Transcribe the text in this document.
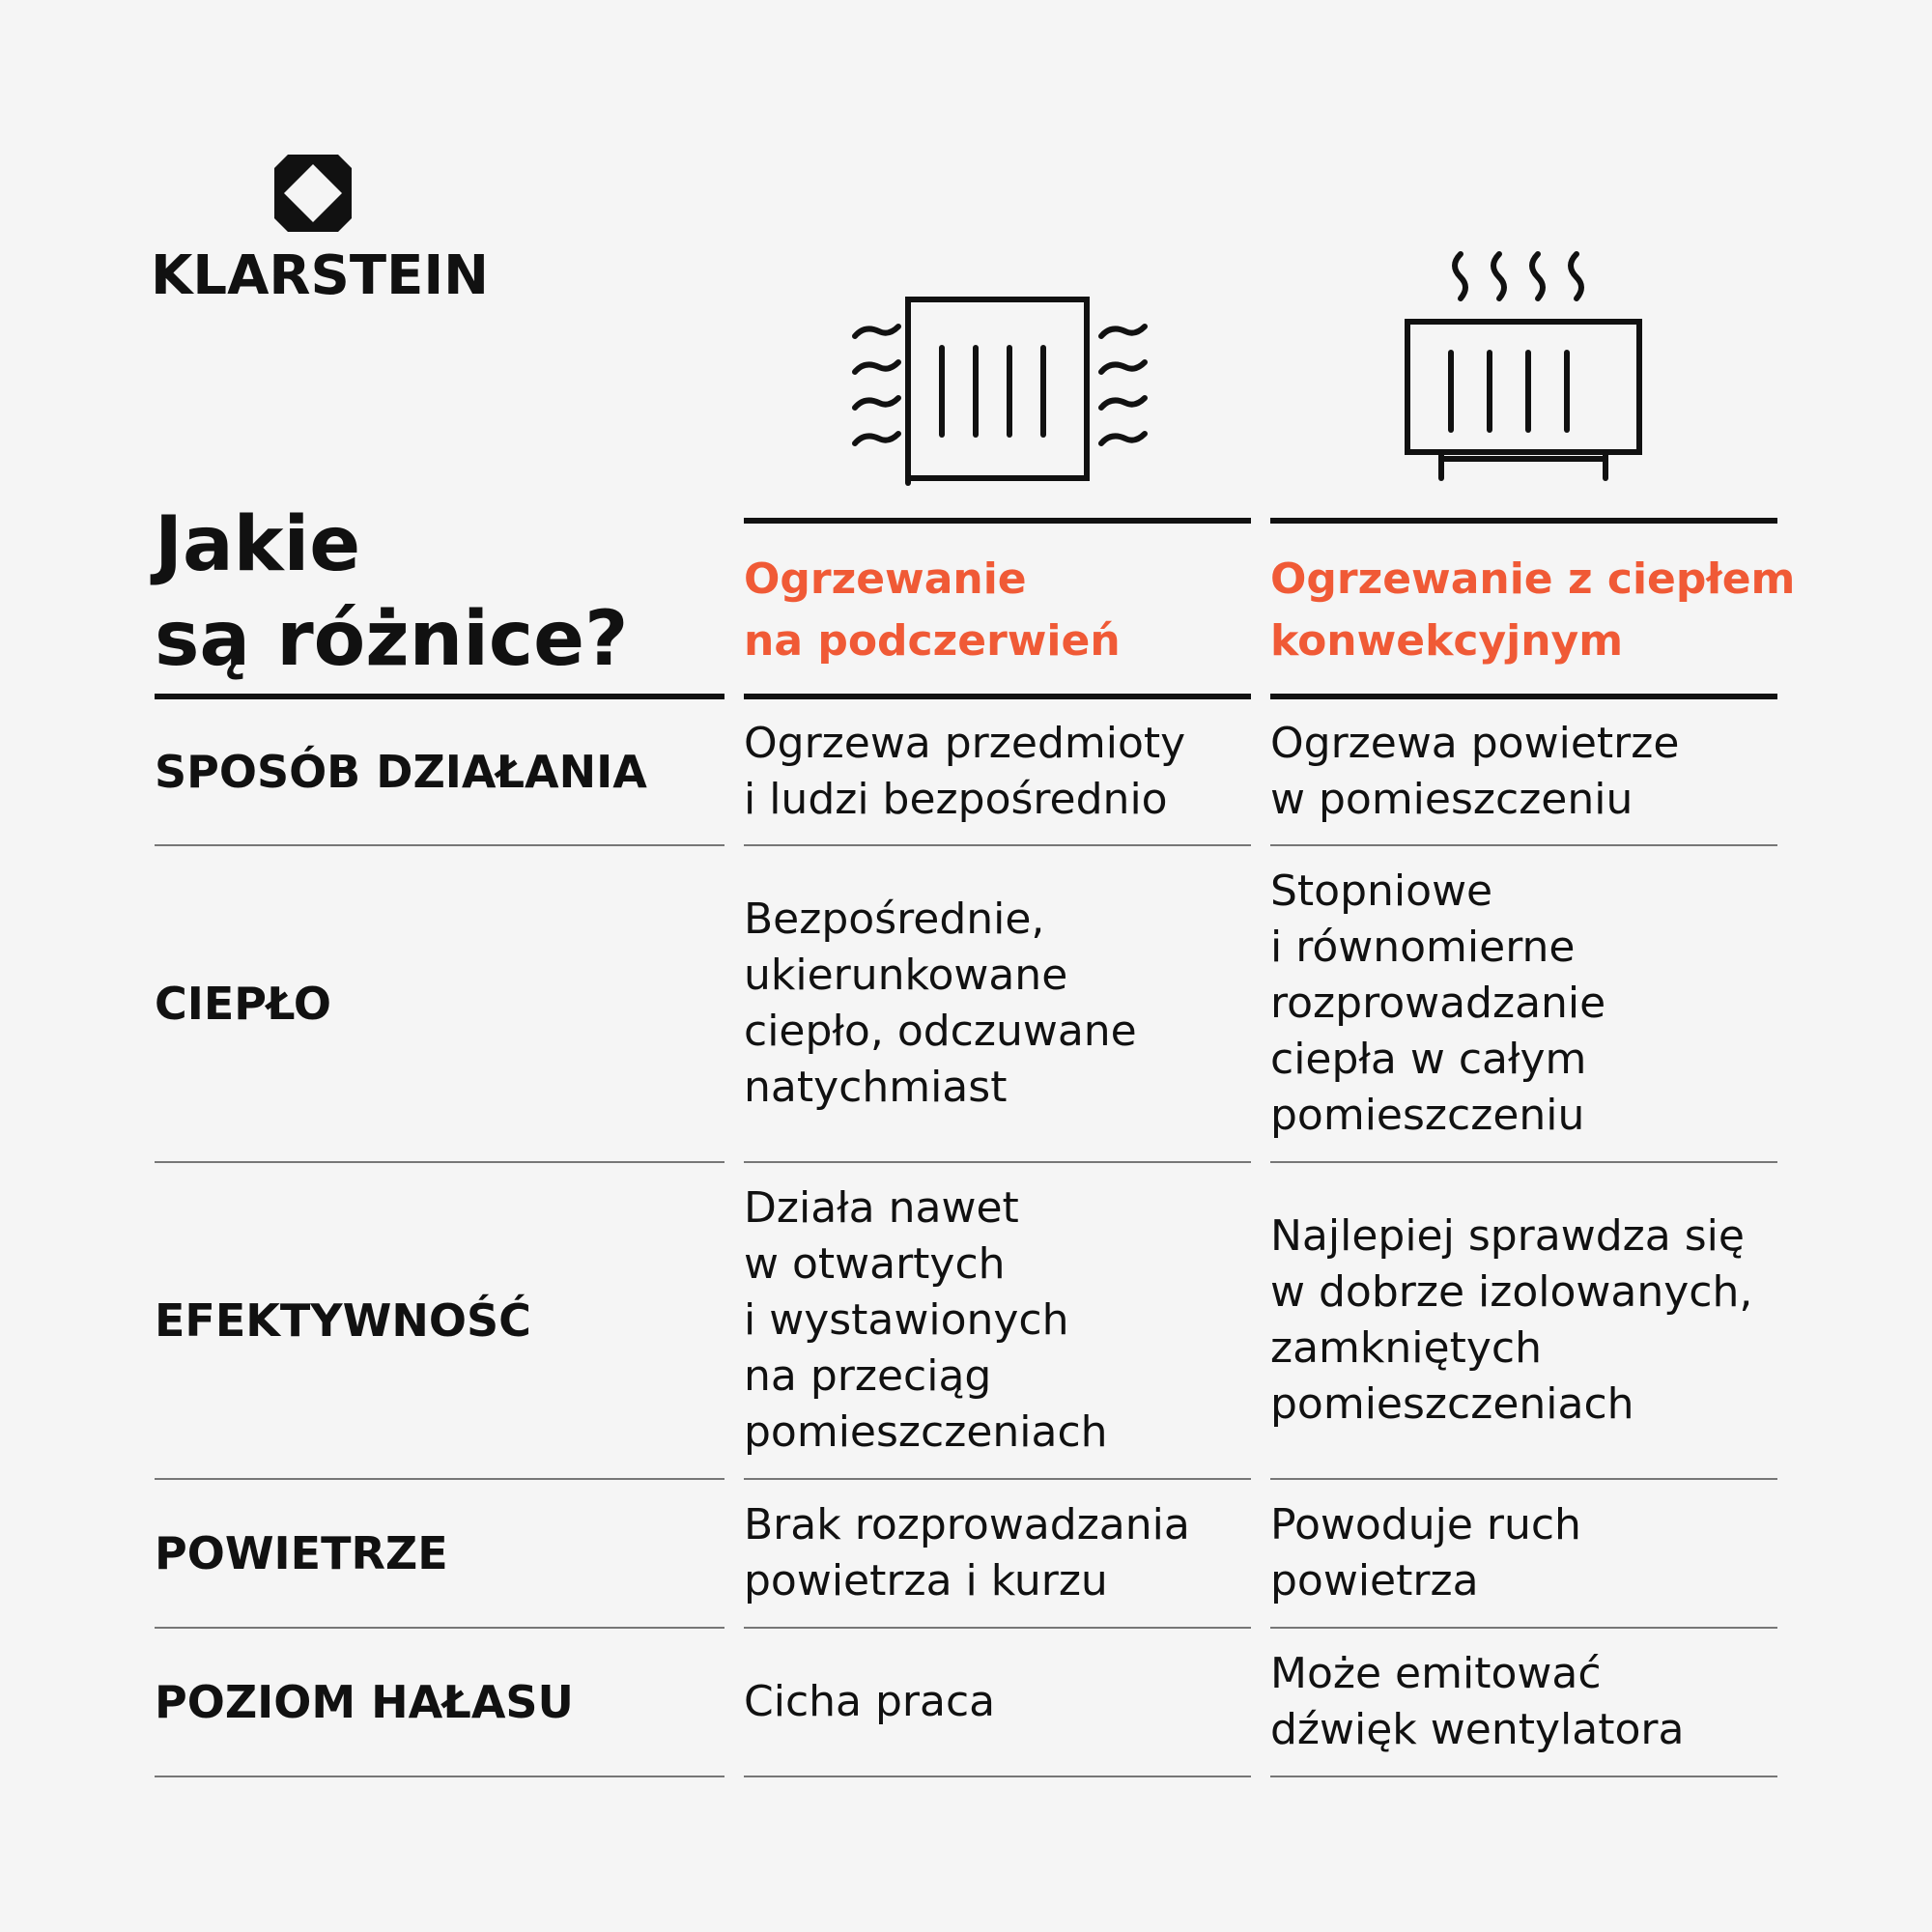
KLARSTEIN
Jakie
są różnice?
Ogrzewanie
na podczerwień
Ogrzewanie z ciepłem
konwekcyjnym
SPOSÓB DZIAŁANIA
Ogrzewa przedmioty
i ludzi bezpośrednio
Ogrzewa powietrze
w pomieszczeniu
CIEPŁO
Bezpośrednie,
ukierunkowane
ciepło, odczuwane
natychmiast
Stopniowe
i równomierne
rozprowadzanie
ciepła w całym
pomieszczeniu
EFEKTYWNOŚĆ
Działa nawet
w otwartych
i wystawionych
na przeciąg
pomieszczeniach
Najlepiej sprawdza się
w dobrze izolowanych,
zamkniętych
pomieszczeniach
POWIETRZE
Brak rozprowadzania
powietrza i kurzu
Powoduje ruch
powietrza
POZIOM HAŁASU	Cicha praca
Może emitować
dźwięk wentylatora
